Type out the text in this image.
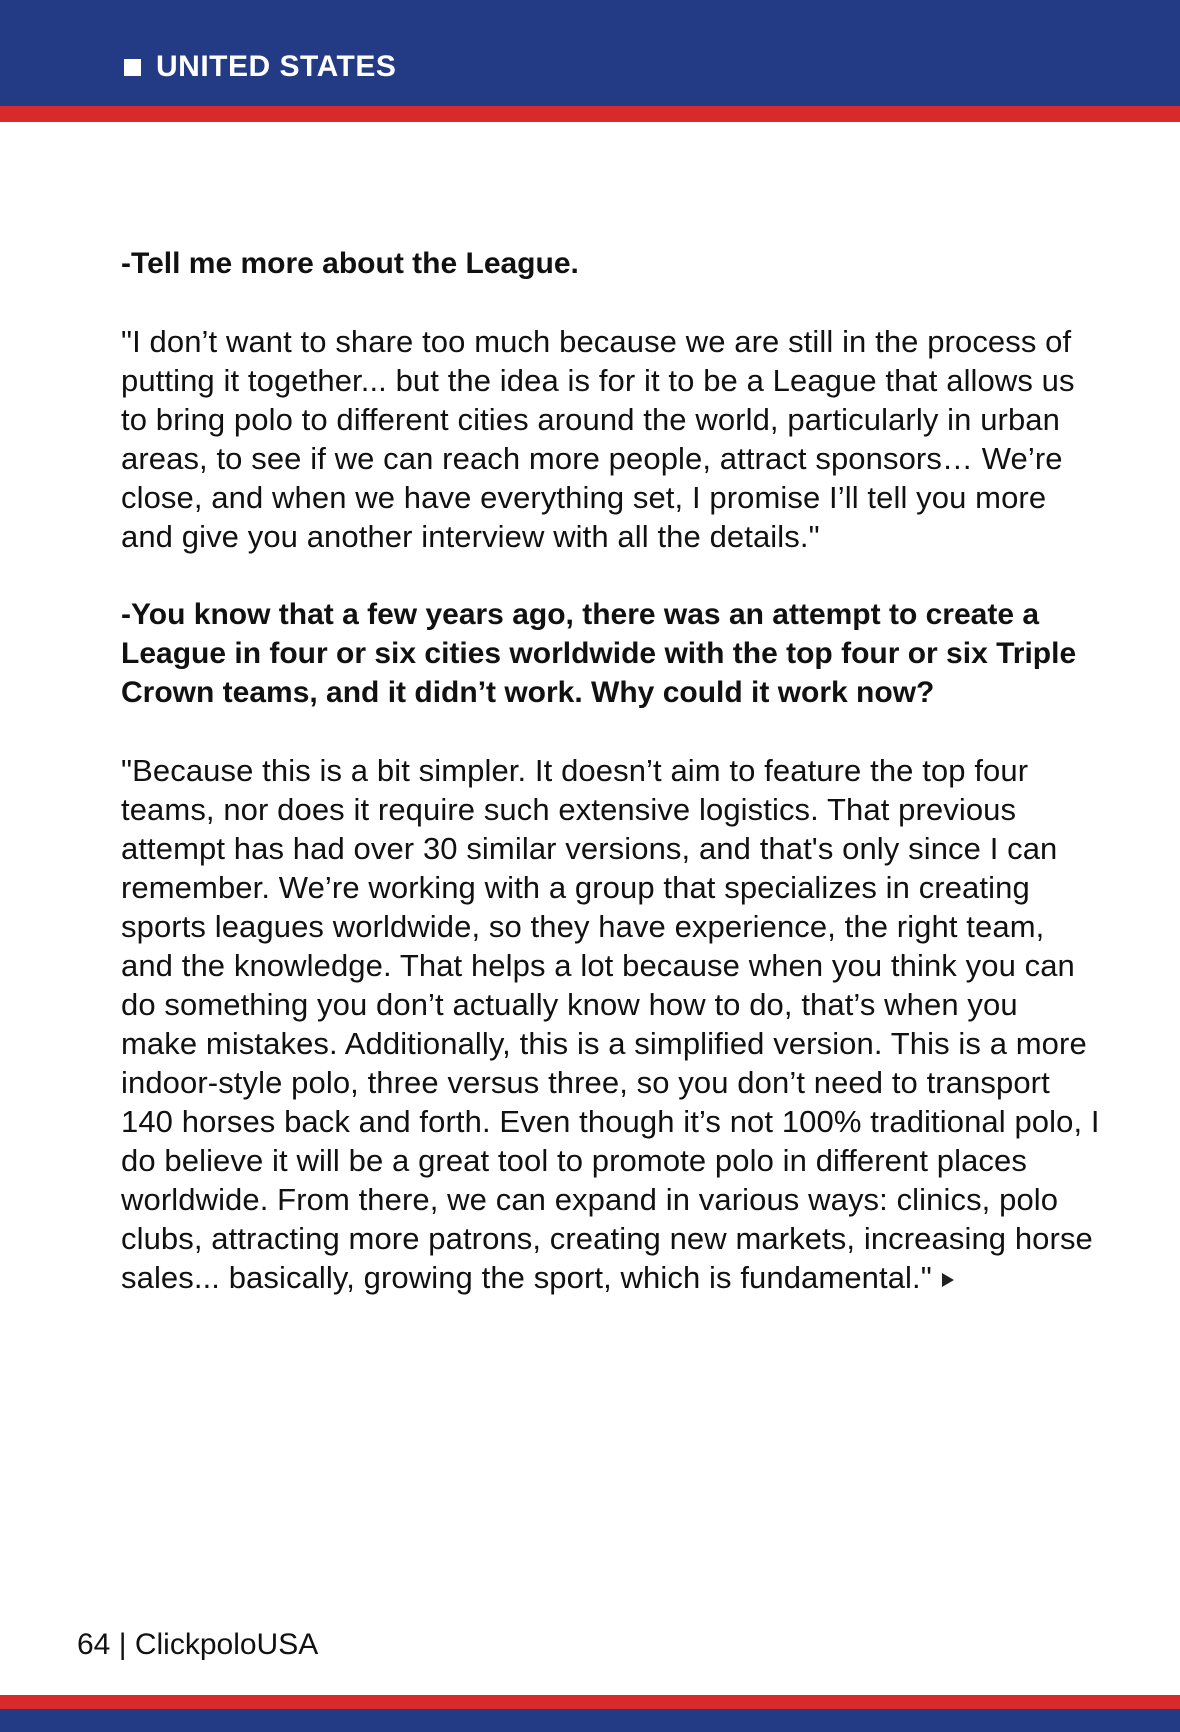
UNITED STATES

-Tell me more about the League.

"I don’t want to share too much because we are still in the process of putting it together... but the idea is for it to be a League that allows us to bring polo to different cities around the world, particularly in urban areas, to see if we can reach more people, attract sponsors… We’re close, and when we have everything set, I promise I’ll tell you more and give you another interview with all the details."

-You know that a few years ago, there was an attempt to create a League in four or six cities worldwide with the top four or six Triple Crown teams, and it didn’t work. Why could it work now?

"Because this is a bit simpler. It doesn’t aim to feature the top four teams, nor does it require such extensive logistics. That previous attempt has had over 30 similar versions, and that's only since I can remember. We’re working with a group that specializes in creating sports leagues worldwide, so they have experience, the right team, and the knowledge. That helps a lot because when you think you can do something you don’t actually know how to do, that’s when you make mistakes. Additionally, this is a simplified version. This is a more indoor-style polo, three versus three, so you don’t need to transport 140 horses back and forth. Even though it’s not 100% traditional polo, I do believe it will be a great tool to promote polo in different places worldwide. From there, we can expand in various ways: clinics, polo clubs, attracting more patrons, creating new markets, increasing horse sales... basically, growing the sport, which is fundamental."

64 | ClickpoloUSA
